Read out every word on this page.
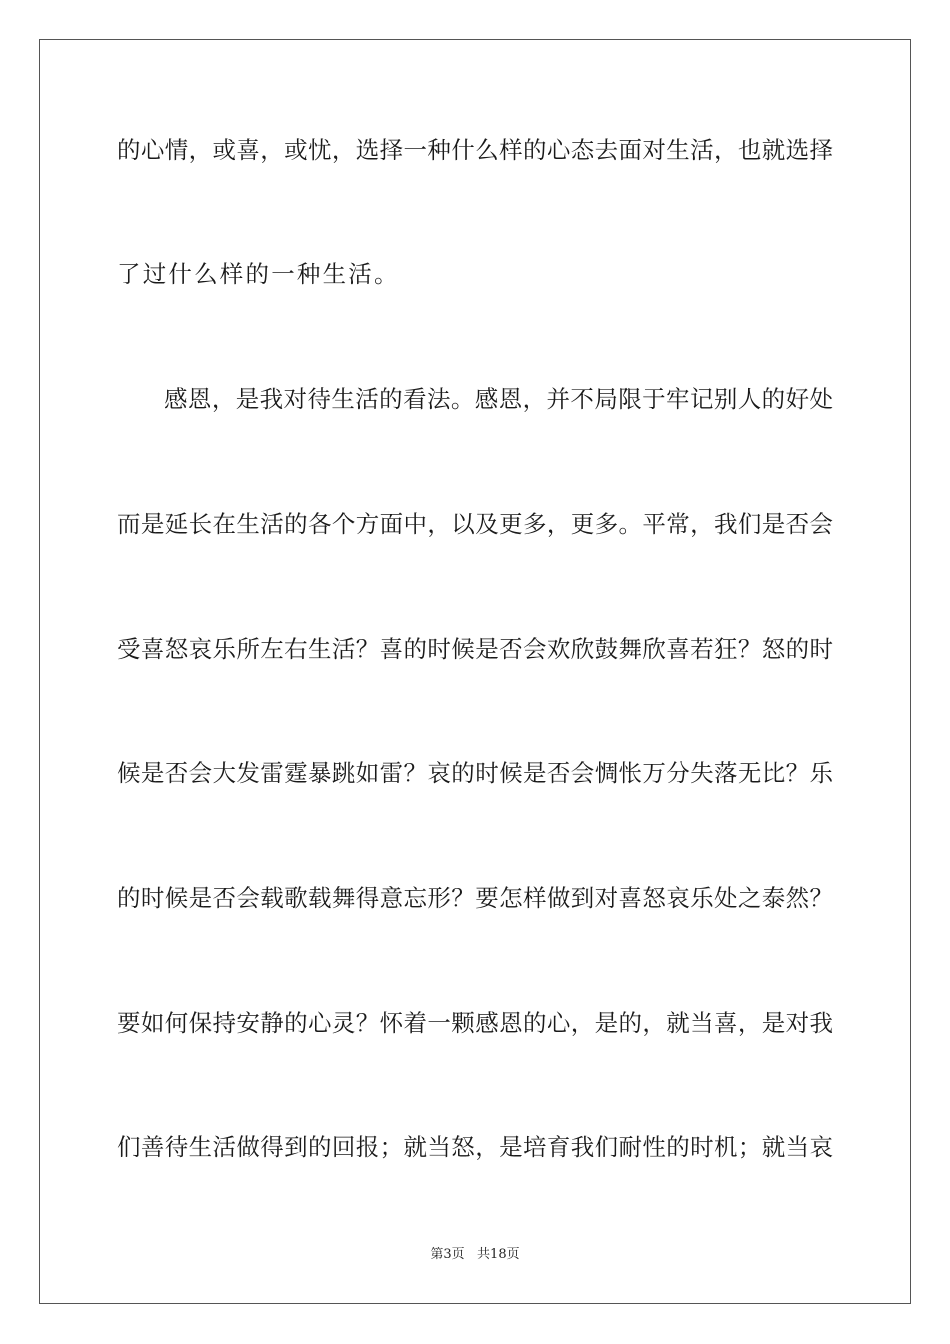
的心情，或喜，或忧，选择一种什么样的心态去面对生活，也就选择
了过什么样的一种生活。
感恩，是我对待生活的看法。感恩，并不局限于牢记别人的好处
而是延长在生活的各个方面中，以及更多，更多。平常，我们是否会
受喜怒哀乐所左右生活？喜的时候是否会欢欣鼓舞欣喜若狂？怒的时
候是否会大发雷霆暴跳如雷？哀的时候是否会惆怅万分失落无比？乐
的时候是否会载歌载舞得意忘形？要怎样做到对喜怒哀乐处之泰然？
要如何保持安静的心灵？怀着一颗感恩的心，是的，就当喜，是对我
们善待生活做得到的回报；就当怒，是培育我们耐性的时机；就当哀
第3页   共18页
